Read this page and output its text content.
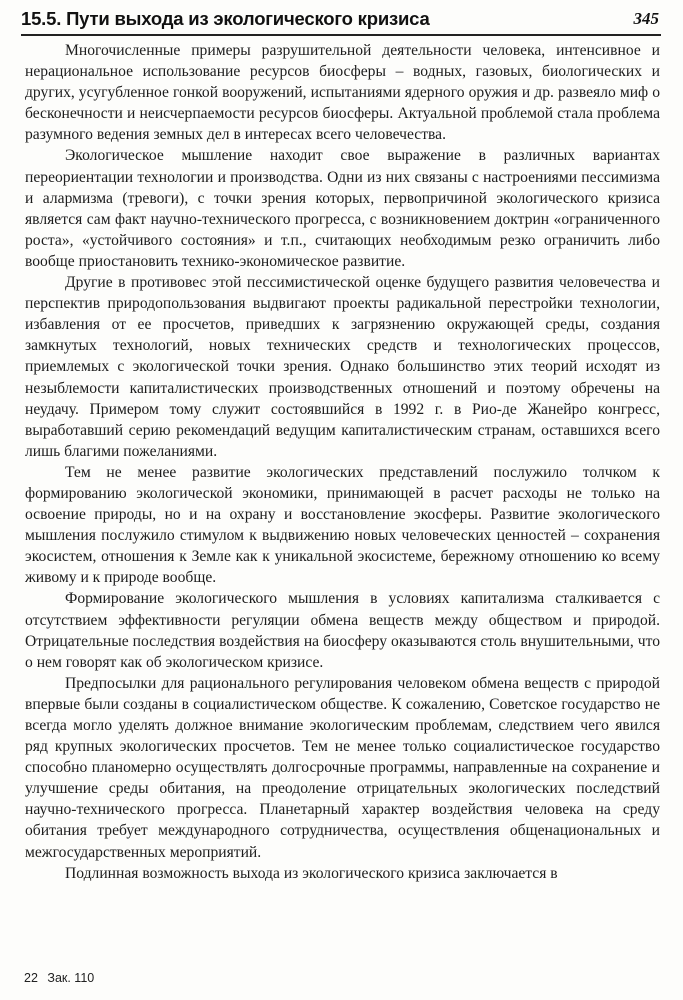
15.5. Пути выхода из экологического кризиса	345

Многочисленные примеры разрушительной деятельности человека, интенсивное и нерациональное использование ресурсов биосферы – водных, газовых, биологических и других, усугубленное гонкой вооружений, испытаниями ядерного оружия и др. развеяло миф о бесконечности и неисчерпаемости ресурсов биосферы. Актуальной проблемой стала проблема разумного ведения земных дел в интересах всего человечества.

Экологическое мышление находит свое выражение в различных вариантах переориентации технологии и производства. Одни из них связаны с настроениями пессимизма и алармизма (тревоги), с точки зрения которых, первопричиной экологического кризиса является сам факт научно-технического прогресса, с возникновением доктрин «ограниченного роста», «устойчивого состояния» и т.п., считающих необходимым резко ограничить либо вообще приостановить технико-экономическое развитие.

Другие в противовес этой пессимистической оценке будущего развития человечества и перспектив природопользования выдвигают проекты радикальной перестройки технологии, избавления от ее просчетов, приведших к загрязнению окружающей среды, создания замкнутых технологий, новых технических средств и технологических процессов, приемлемых с экологической точки зрения. Однако большинство этих теорий исходят из незыблемости капиталистических производственных отношений и поэтому обречены на неудачу. Примером тому служит состоявшийся в 1992 г. в Рио-де Жанейро конгресс, выработавший серию рекомендаций ведущим капиталистическим странам, оставшихся всего лишь благими пожеланиями.

Тем не менее развитие экологических представлений послужило толчком к формированию экологической экономики, принимающей в расчет расходы не только на освоение природы, но и на охрану и восстановление экосферы. Развитие экологического мышления послужило стимулом к выдвижению новых человеческих ценностей – сохранения экосистем, отношения к Земле как к уникальной экосистеме, бережному отношению ко всему живому и к природе вообще.

Формирование экологического мышления в условиях капитализма сталкивается с отсутствием эффективности регуляции обмена веществ между обществом и природой. Отрицательные последствия воздействия на биосферу оказываются столь внушительными, что о нем говорят как об экологическом кризисе.

Предпосылки для рационального регулирования человеком обмена веществ с природой впервые были созданы в социалистическом обществе. К сожалению, Советское государство не всегда могло уделять должное внимание экологическим проблемам, следствием чего явился ряд крупных экологических просчетов. Тем не менее только социалистическое государство способно планомерно осуществлять долгосрочные программы, направленные на сохранение и улучшение среды обитания, на преодоление отрицательных экологических последствий научно-технического прогресса. Планетарный характер воздействия человека на среду обитания требует международного сотрудничества, осуществления общенациональных и межгосударственных мероприятий.

Подлинная возможность выхода из экологического кризиса заключается в

22 Зак. 110
